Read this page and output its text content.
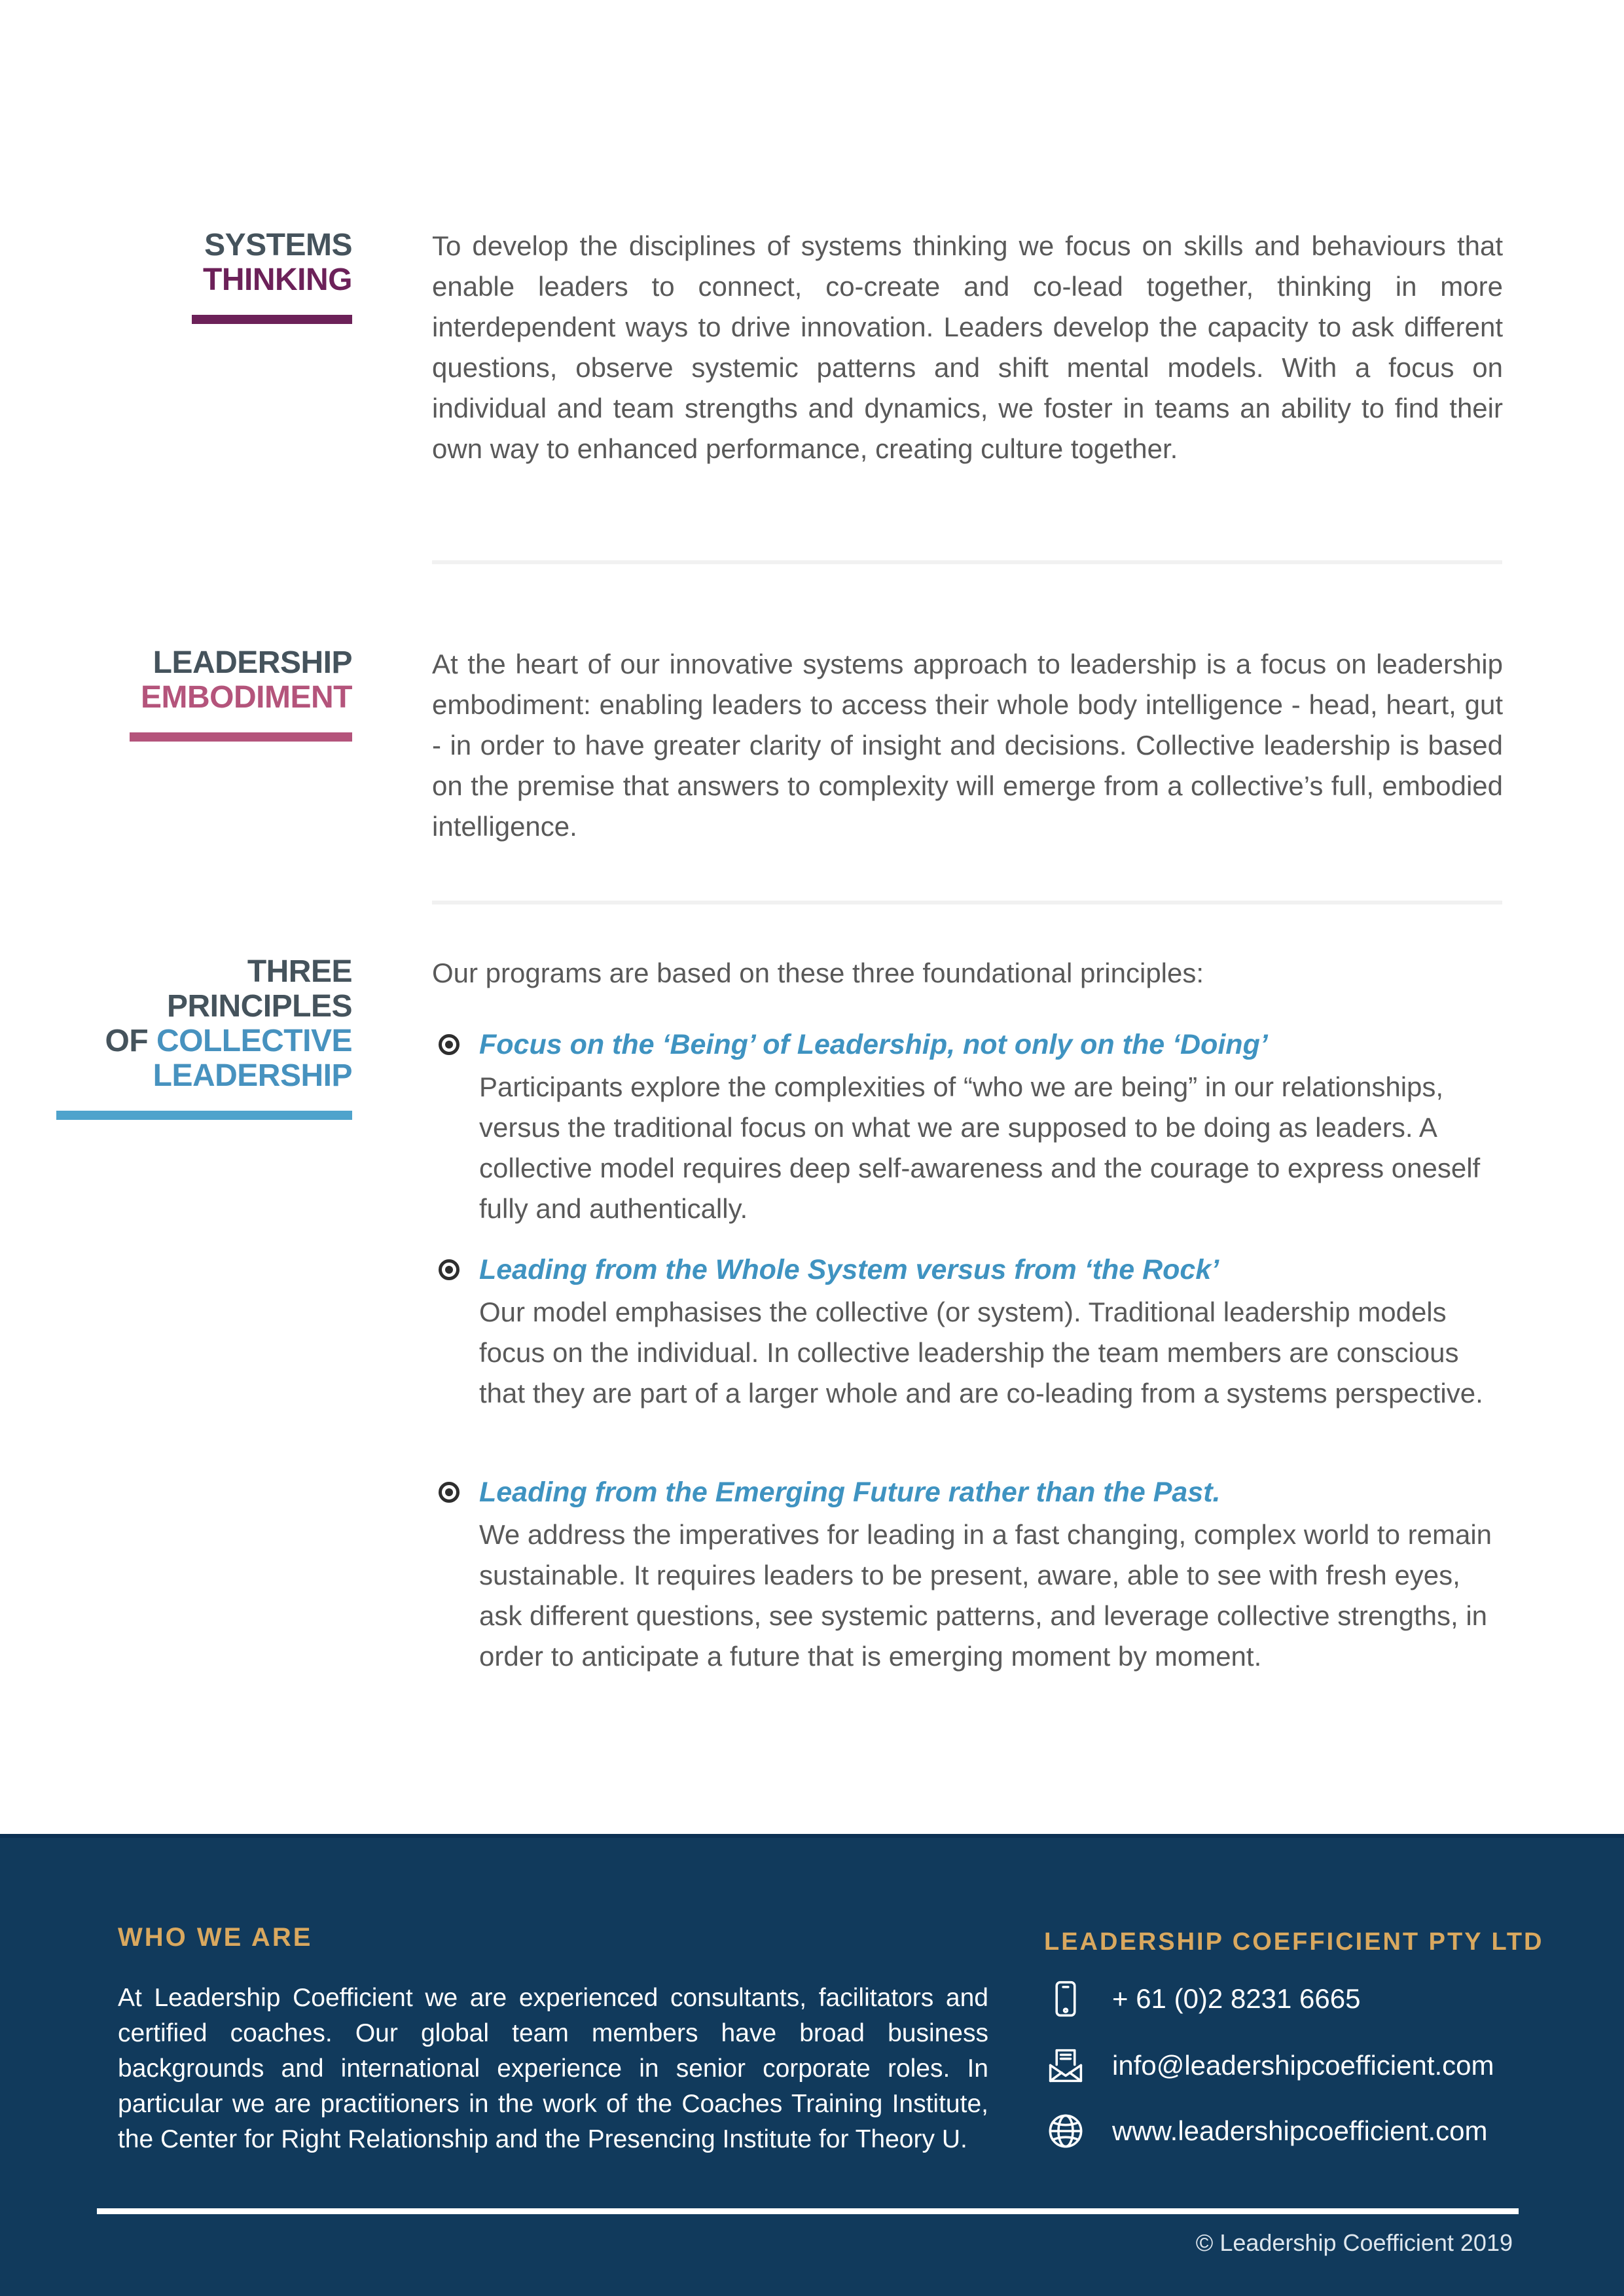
SYSTEMS
THINKING

To develop the disciplines of systems thinking we focus on skills and behaviours that enable leaders to connect, co-create and co-lead together, thinking in more interdependent ways to drive innovation. Leaders develop the capacity to ask different questions, observe systemic patterns and shift mental models. With a focus on individual and team strengths and dynamics, we foster in teams an ability to find their own way to enhanced performance, creating culture together.

LEADERSHIP
EMBODIMENT

At the heart of our innovative systems approach to leadership is a focus on leadership embodiment: enabling leaders to access their whole body intelligence - head, heart, gut - in order to have greater clarity of insight and decisions. Collective leadership is based on the premise that answers to complexity will emerge from a collective’s full, embodied intelligence.

THREE PRINCIPLES
OF COLLECTIVE
LEADERSHIP

Our programs are based on these three foundational principles:

Focus on the ‘Being’ of Leadership, not only on the ‘Doing’
Participants explore the complexities of “who we are being” in our relationships, versus the traditional focus on what we are supposed to be doing as leaders. A collective model requires deep self-awareness and the courage to express oneself fully and authentically.
Leading from the Whole System versus from ‘the Rock’
Our model emphasises the collective (or system). Traditional leadership models focus on the individual. In collective leadership the team members are conscious that they are part of a larger whole and are co-leading from a systems perspective.
Leading from the Emerging Future rather than the Past.
We address the imperatives for leading in a fast changing, complex world to remain sustainable. It requires leaders to be present, aware, able to see with fresh eyes, ask different questions, see systemic patterns, and leverage collective strengths, in order to anticipate a future that is emerging moment by moment.
WHO WE ARE

At Leadership Coefficient we are experienced consultants, facilitators and certified coaches. Our global team members have broad business backgrounds and international experience in senior corporate roles. In particular we are practitioners in the work of the Coaches Training Institute, the Center for Right Relationship and the Presencing Institute for Theory U.

LEADERSHIP COEFFICIENT PTY LTD
+ 61 (0)2 8231 6665
info@leadershipcoefficient.com
www.leadershipcoefficient.com
© Leadership Coefficient 2019
